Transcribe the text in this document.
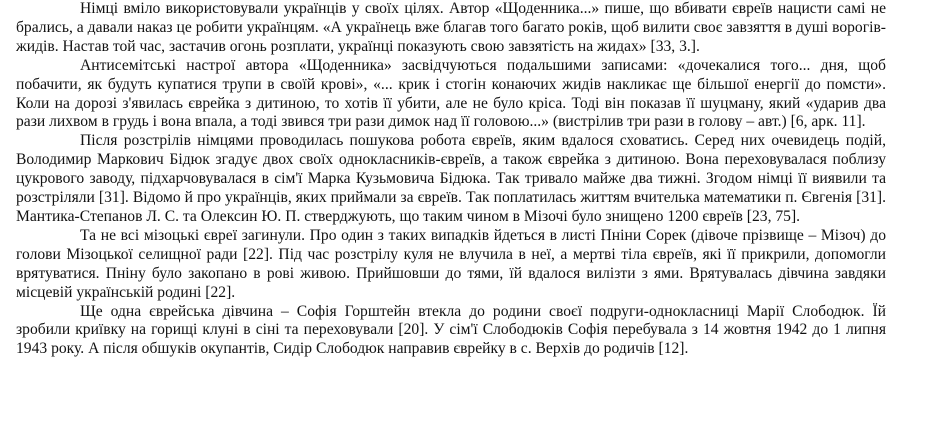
Німці вміло використовували українців у своїх цілях. Автор «Щоденника...» пише, що вбивати євреїв нацисти самі не брались, а давали наказ це робити українцям. «А українець вже благав того багато років, щоб вилити своє завзяття в душі ворогів-жидів. Настав той час, застачив огонь розплати, українці показують свою завзятість на жидах» [33, 3.].

Антисемітські настрої автора «Щоденника» засвідчуються подальшими записами: «дочекалися того... дня, щоб побачити, як будуть купатися трупи в своїй крові», «... крик і стогін конаючих жидів накликає ще більшої енергії до помсти». Коли на дорозі з'явилась єврейка з дитиною, то хотів її убити, але не було кріса. Тоді він показав її шуцману, який «ударив два рази лихвом в грудь і вона впала, а тоді звився три рази димок над її головою...» (вистрілив три рази в голову – авт.) [6, арк. 11].

Після розстрілів німцями проводилась пошукова робота євреїв, яким вдалося сховатись. Серед них очевидець подій, Володимир Маркович Бідюк згадує двох своїх однокласників-євреїв, а також єврейка з дитиною. Вона переховувалася поблизу цукрового заводу, підхарчовувалася в сім'ї Марка Кузьмовича Бідюка. Так тривало майже два тижні. Згодом німці її виявили та розстріляли [31]. Відомо й про українців, яких приймали за євреїв. Так поплатилась життям вчителька математики п. Євгенія [31]. Мантика-Степанов Л. С. та Олексин Ю. П. стверджують, що таким чином в Мізочі було знищено 1200 євреїв [23, 75].

Та не всі мізоцькі євреї загинули. Про один з таких випадків йдеться в листі Пніни Сорек (дівоче прізвище – Мізоч) до голови Мізоцької селищної ради [22]. Під час розстрілу куля не влучила в неї, а мертві тіла євреїв, які її прикрили, допомогли врятуватися. Пніну було закопано в рові живою. Прийшовши до тями, їй вдалося вилізти з ями. Врятувалась дівчина завдяки місцевій українській родині [22].

Ще одна єврейська дівчина – Софія Горштейн втекла до родини своєї подруги-однокласниці Марії Слободюк. Їй зробили криївку на горищі клуні в сіні та переховували [20]. У сім'ї Слободюків Софія перебувала з 14 жовтня 1942 до 1 липня 1943 року. А після обшуків окупантів, Сидір Слободюк направив єврейку в с. Верхів до родичів [12].
